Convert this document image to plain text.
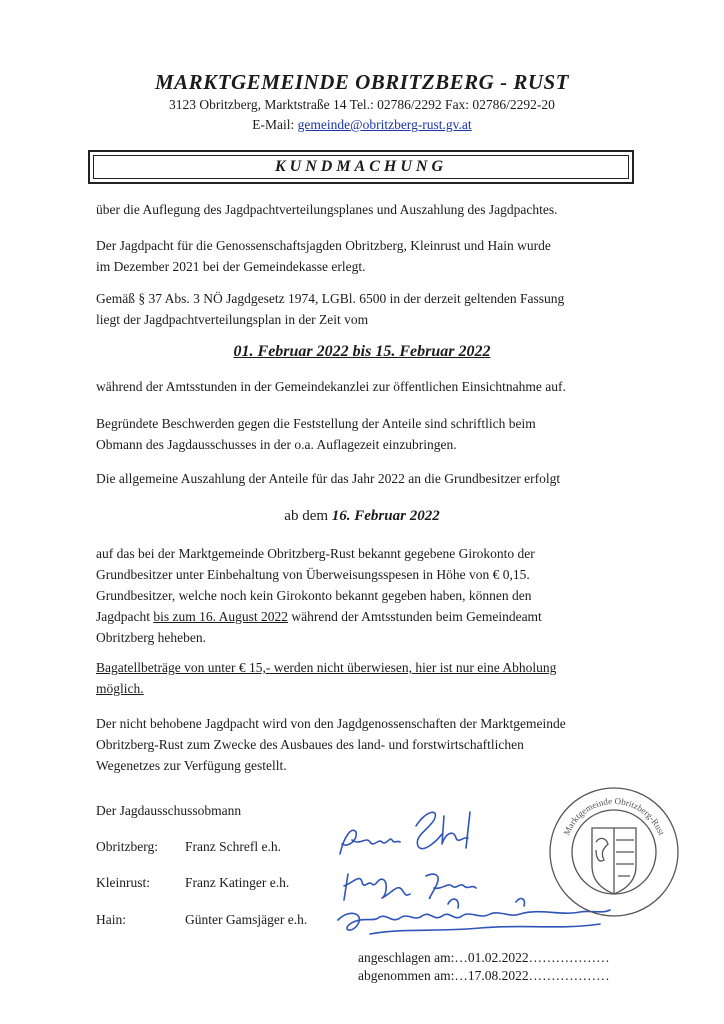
MARKTGEMEINDE OBRITZBERG - RUST
3123 Obritzberg, Marktstraße 14 Tel.: 02786/2292 Fax: 02786/2292-20
E-Mail: gemeinde@obritzberg-rust.gv.at
KUNDMACHUNG
über die Auflegung des Jagdpachtverteilungsplanes und Auszahlung des Jagdpachtes.
Der Jagdpacht für die Genossenschaftsjagden Obritzberg, Kleinrust und Hain wurde
im Dezember 2021 bei der Gemeindekasse erlegt.
Gemäß § 37 Abs. 3 NÖ Jagdgesetz 1974, LGBl. 6500 in der derzeit geltenden Fassung
liegt der Jagdpachtverteilungsplan in der Zeit vom
01. Februar 2022 bis 15. Februar 2022
während der Amtsstunden in der Gemeindekanzlei zur öffentlichen Einsichtnahme auf.
Begründete Beschwerden gegen die Feststellung der Anteile sind schriftlich beim
Obmann des Jagdausschusses in der o.a. Auflagezeit einzubringen.
Die allgemeine Auszahlung der Anteile für das Jahr 2022 an die Grundbesitzer erfolgt
ab dem 16. Februar 2022
auf das bei der Marktgemeinde Obritzberg-Rust bekannt gegebene Girokonto der
Grundbesitzer unter Einbehaltung von Überweisungsspesen in Höhe von € 0,15.
Grundbesitzer, welche noch kein Girokonto bekannt gegeben haben, können den
Jagdpacht bis zum 16. August 2022 während der Amtsstunden beim Gemeindeamt
Obritzberg heheben.
Bagatellbeträge von unter € 15,- werden nicht überwiesen, hier ist nur eine Abholung
möglich.
Der nicht behobene Jagdpacht wird von den Jagdgenossenschaften der Marktgemeinde
Obritzberg-Rust zum Zwecke des Ausbaues des land- und forstwirtschaftlichen
Wegenetzes zur Verfügung gestellt.
Der Jagdausschussobmann
Obritzberg: Franz Schrefl e.h.
Kleinrust:	Franz Katinger e.h.
Hain:	Günter Gamsjäger e.h.
Marktgemeinde Obritzberg-Rust
angeschlagen am:…01.02.2022………………
abgenommen am:…17.08.2022………………
